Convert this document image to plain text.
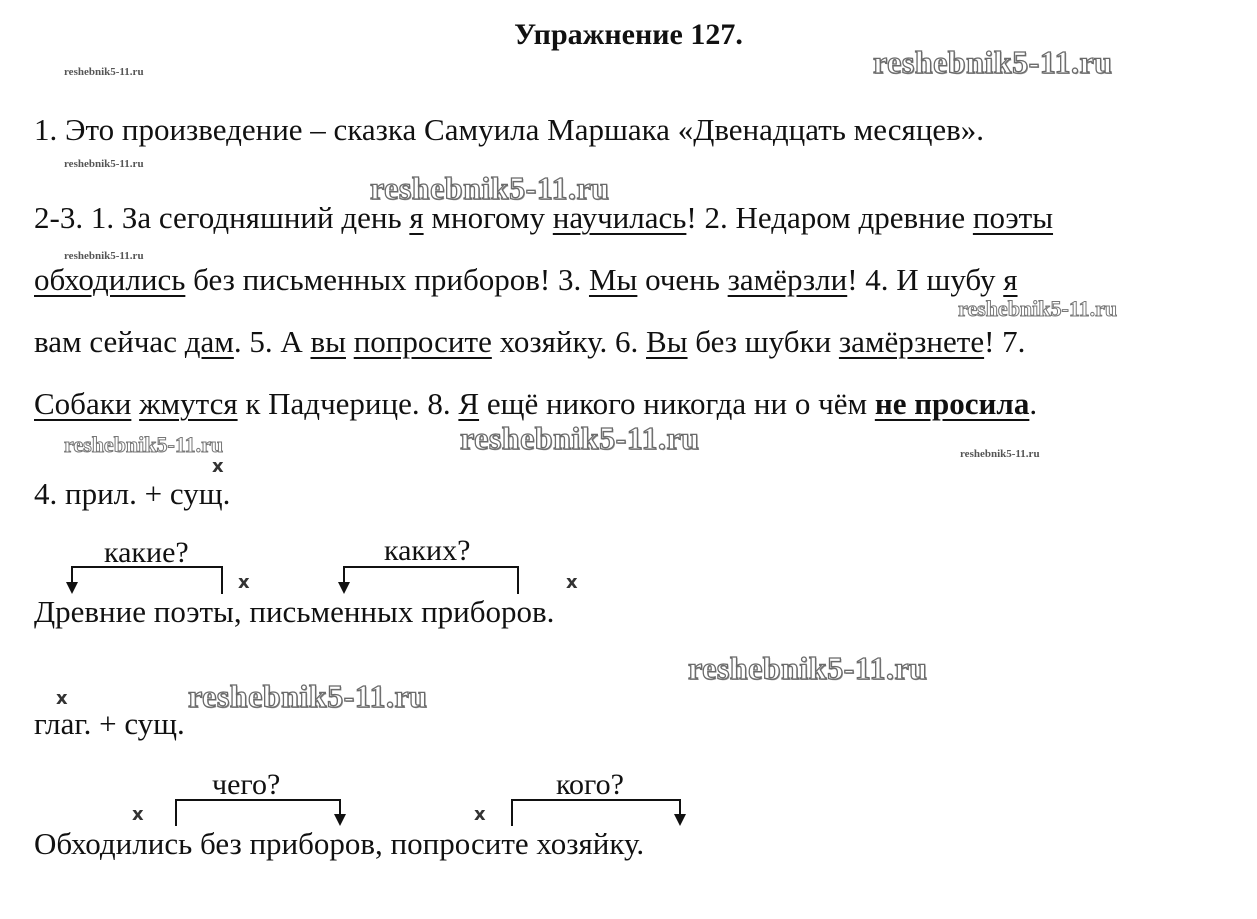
Упражнение 127.
reshebnik5-11.ru	reshebnik5-11.ru
reshebnik5-11.ru
reshebnik5-11.ru
reshebnik5-11.ru
reshebnik5-11.ru
reshebnik5-11.ru	reshebnik5-11.ru	reshebnik5-11.ru
reshebnik5-11.ru
reshebnik5-11.ru
1. Это произведение – сказка Самуила Маршака «Двенадцать месяцев».
2-3. 1. За сегодняшний день я многому научилась! 2. Недаром древние поэты
обходились без письменных приборов! 3. Мы очень замёрзли! 4. И шубу я
вам сейчас дам. 5. А вы попросите хозяйку. 6. Вы без шубки замёрзнете! 7.
Собаки жмутся к Падчерице. 8. Я ещё никого никогда ни о чём не просила.
x
4. прил. + сущ.
какие?	каких?
x	x
Древние поэты, письменных приборов.
x
глаг. + сущ.
чего?	кого?
x	x
Обходились без приборов, попросите хозяйку.
